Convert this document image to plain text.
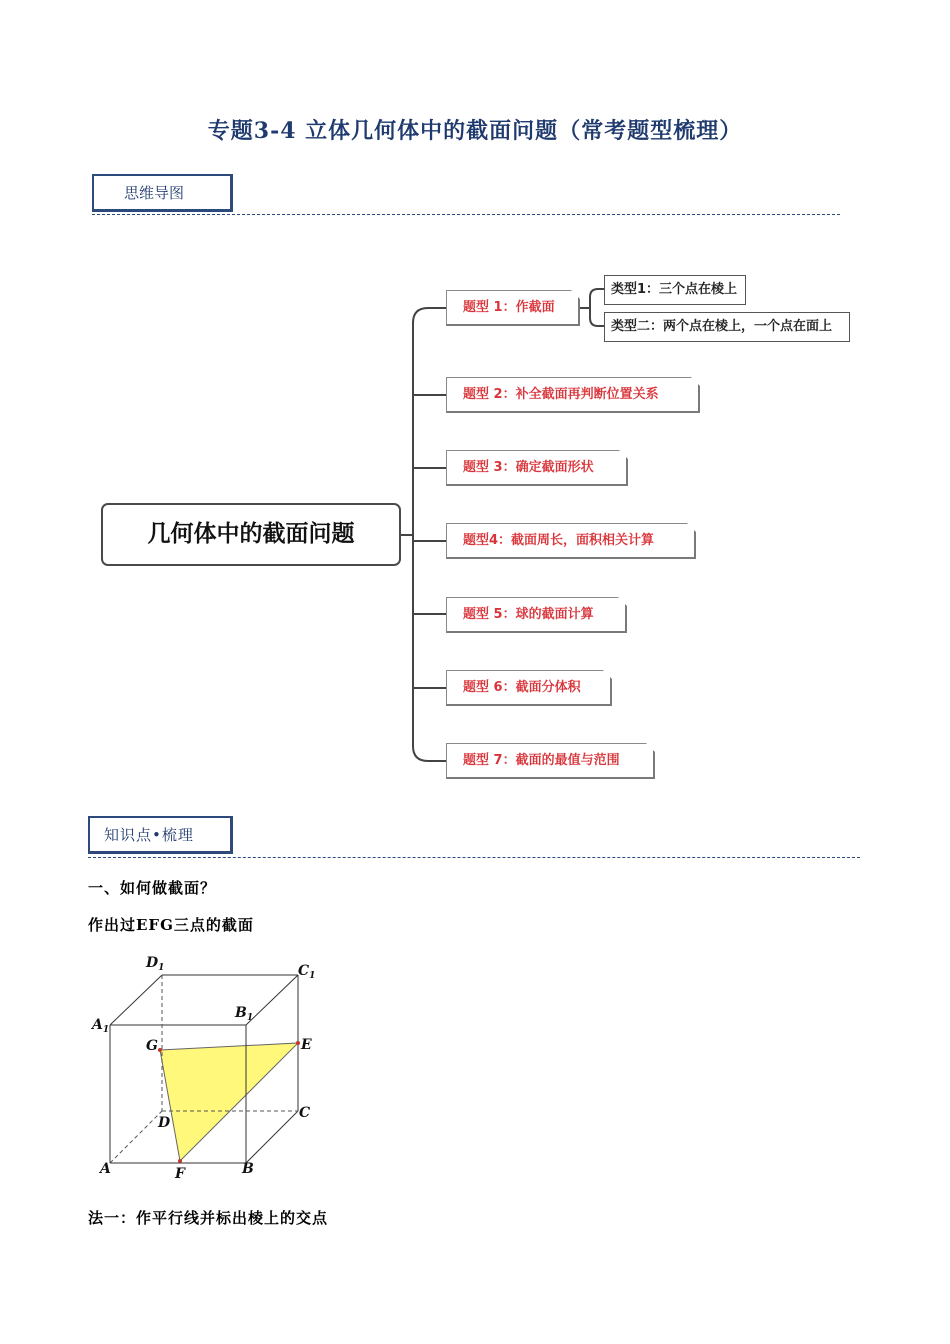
专题3-4 立体几何体中的截面问题（常考题型梳理）
思维导图
几何体中的截面问题
题型 1：作截面
题型 2：补全截面再判断位置关系
题型 3：确定截面形状
题型4：截面周长，面积相关计算
题型 5：球的截面计算
题型 6：截面分体积
题型 7：截面的最值与范围
类型1：三个点在棱上
类型二：两个点在棱上，一个点在面上
知识点•梳理
一、如何做截面？
作出过EFG三点的截面
$D_1$	$C_1$
$A_1$
$B_1$
G	E
D
C
A	F	B
法一：作平行线并标出棱上的交点
